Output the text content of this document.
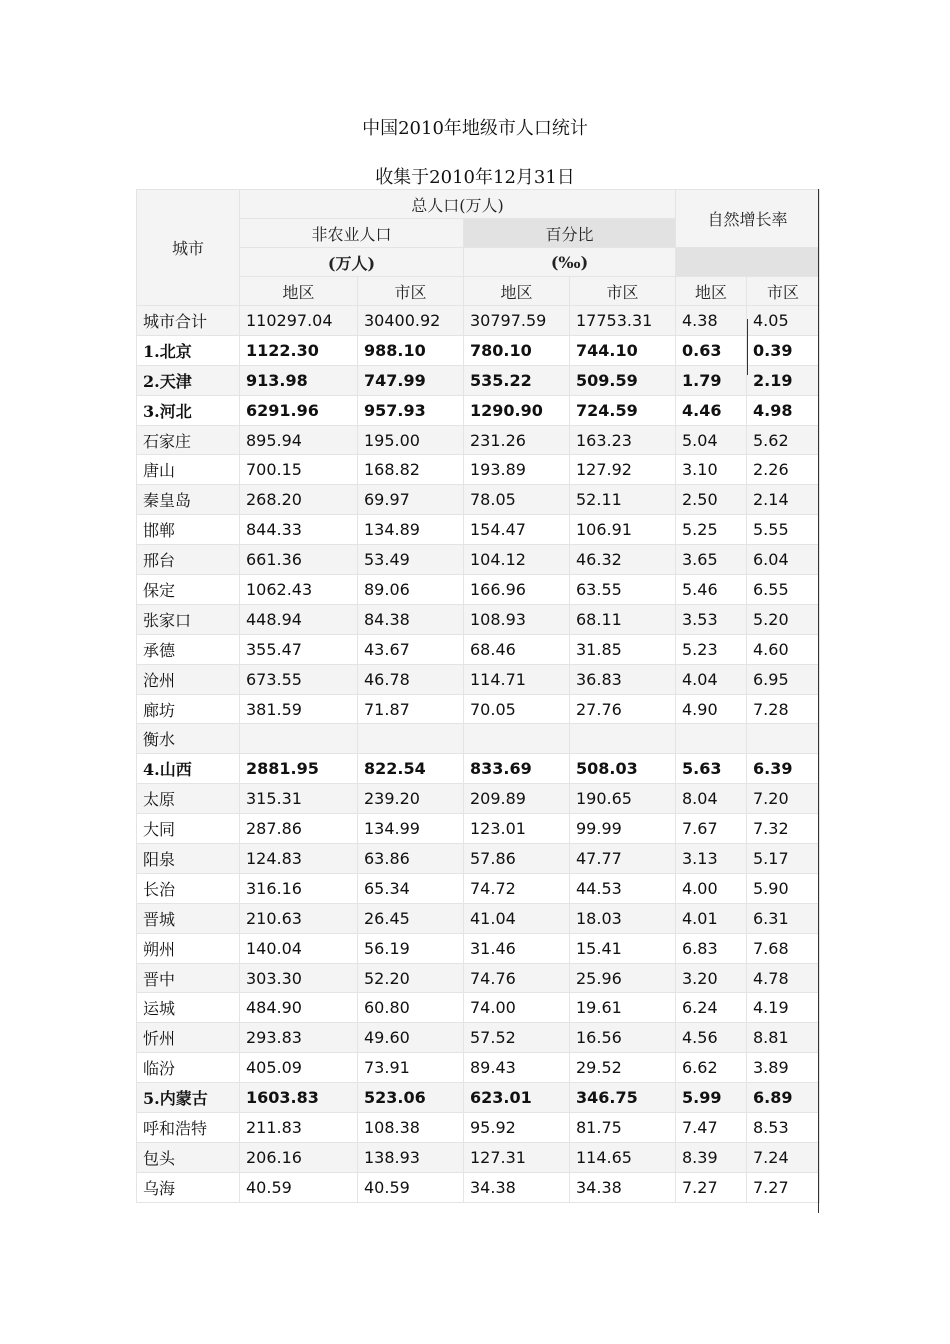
中国2010年地级市人口统计
收集于2010年12月31日
城市	总人口(万人)				自然增长率	
	非农业人口		百分比			
	(万人)		(‰)			
	地区	市区	地区	市区	地区	市区
城市合计	110297.04	30400.92	30797.59	17753.31	4.38	4.05
1.北京	1122.30	988.10	780.10	744.10	0.63	0.39
2.天津	913.98	747.99	535.22	509.59	1.79	2.19
3.河北	6291.96	957.93	1290.90	724.59	4.46	4.98
石家庄	895.94	195.00	231.26	163.23	5.04	5.62
唐山	700.15	168.82	193.89	127.92	3.10	2.26
秦皇岛	268.20	69.97	78.05	52.11	2.50	2.14
邯郸	844.33	134.89	154.47	106.91	5.25	5.55
邢台	661.36	53.49	104.12	46.32	3.65	6.04
保定	1062.43	89.06	166.96	63.55	5.46	6.55
张家口	448.94	84.38	108.93	68.11	3.53	5.20
承德	355.47	43.67	68.46	31.85	5.23	4.60
沧州	673.55	46.78	114.71	36.83	4.04	6.95
廊坊	381.59	71.87	70.05	27.76	4.90	7.28
衡水						
4.山西	2881.95	822.54	833.69	508.03	5.63	6.39
太原	315.31	239.20	209.89	190.65	8.04	7.20
大同	287.86	134.99	123.01	99.99	7.67	7.32
阳泉	124.83	63.86	57.86	47.77	3.13	5.17
长治	316.16	65.34	74.72	44.53	4.00	5.90
晋城	210.63	26.45	41.04	18.03	4.01	6.31
朔州	140.04	56.19	31.46	15.41	6.83	7.68
晋中	303.30	52.20	74.76	25.96	3.20	4.78
运城	484.90	60.80	74.00	19.61	6.24	4.19
忻州	293.83	49.60	57.52	16.56	4.56	8.81
临汾	405.09	73.91	89.43	29.52	6.62	3.89
5.内蒙古	1603.83	523.06	623.01	346.75	5.99	6.89
呼和浩特	211.83	108.38	95.92	81.75	7.47	8.53
包头	206.16	138.93	127.31	114.65	8.39	7.24
乌海	40.59	40.59	34.38	34.38	7.27	7.27
